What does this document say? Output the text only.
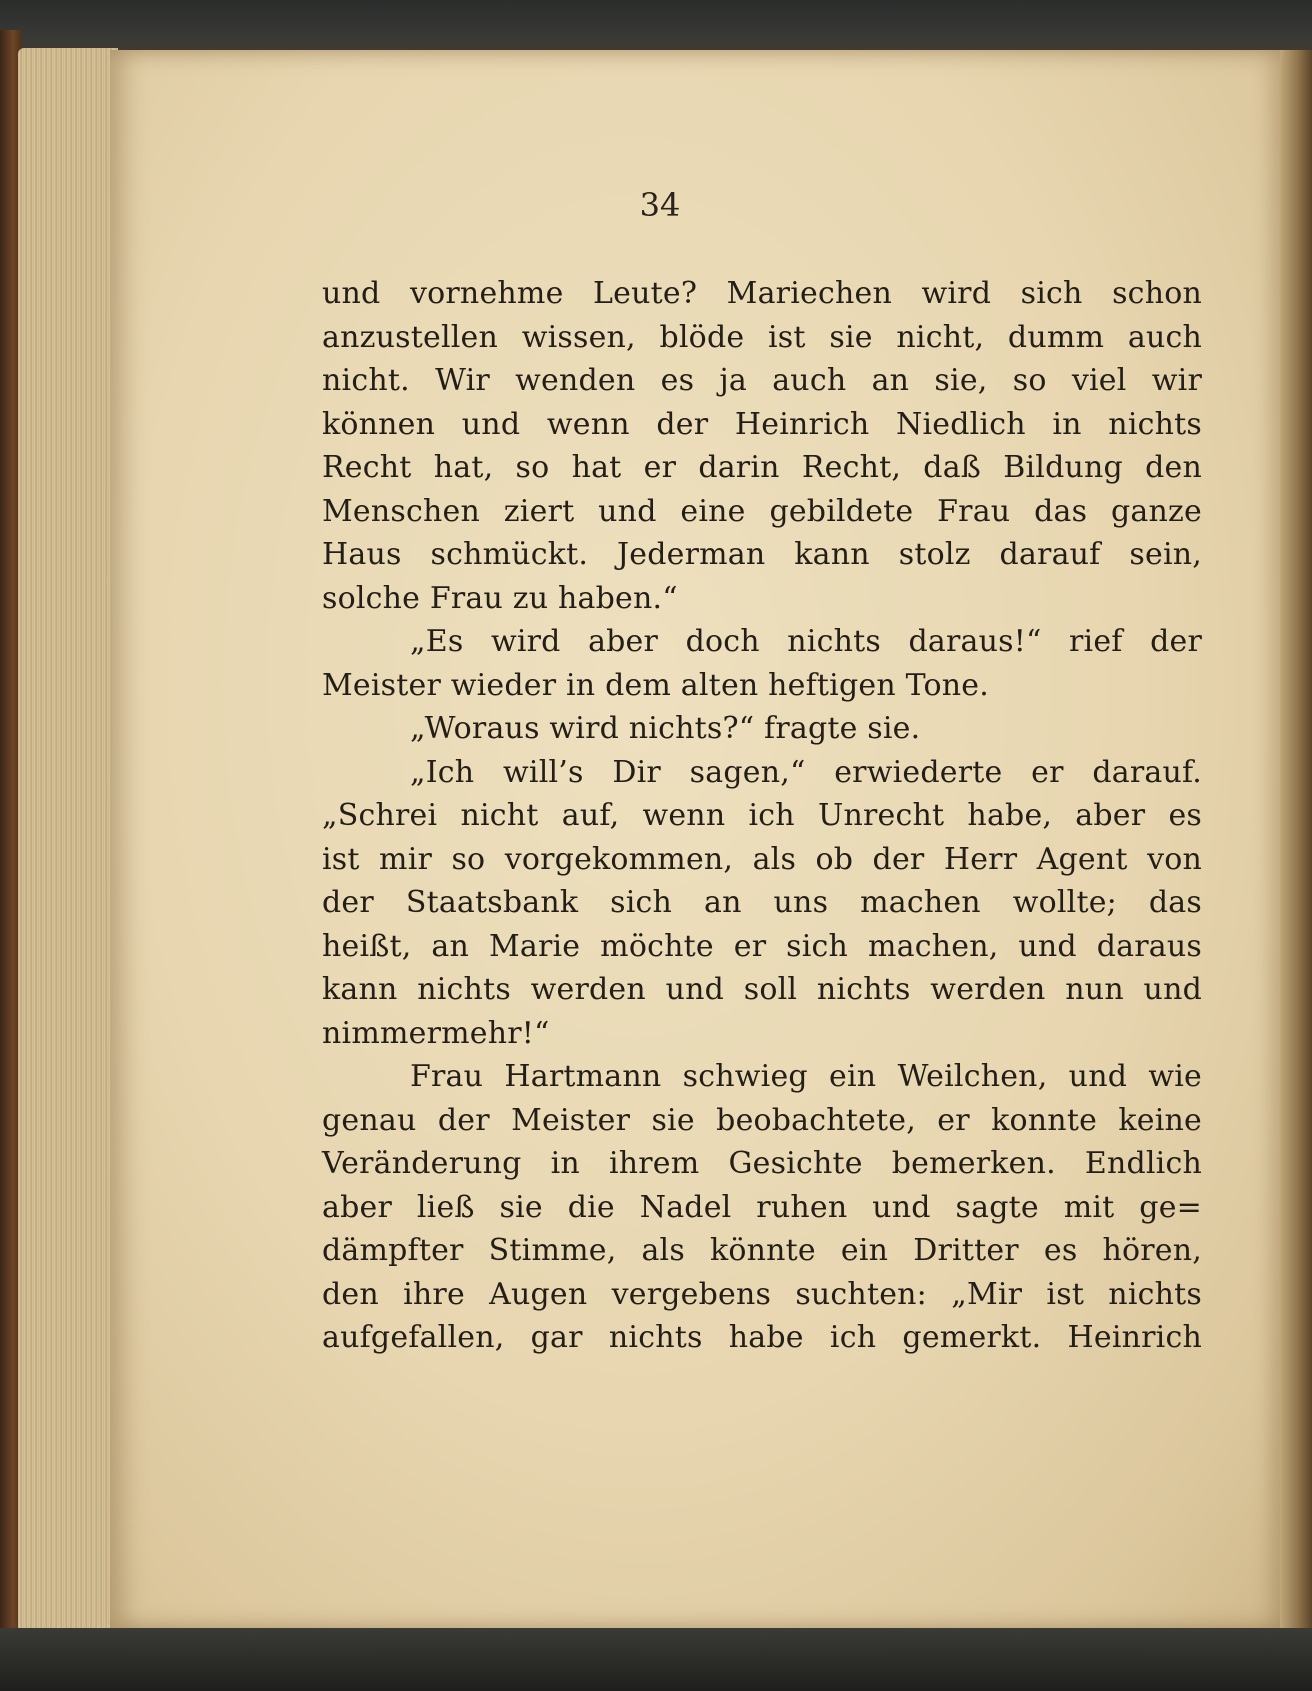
34
und vornehme Leute? Mariechen wird sich schon
anzustellen wissen, blöde ist sie nicht, dumm auch
nicht. Wir wenden es ja auch an sie, so viel wir
können und wenn der Heinrich Niedlich in nichts
Recht hat, so hat er darin Recht, daß Bildung den
Menschen ziert und eine gebildete Frau das ganze
Haus schmückt. Jederman kann stolz darauf sein,
solche Frau zu haben.“
„Es wird aber doch nichts daraus!“ rief der
Meister wieder in dem alten heftigen Tone.
„Woraus wird nichts?“ fragte sie.
„Ich will’s Dir sagen,“ erwiederte er darauf.
„Schrei nicht auf, wenn ich Unrecht habe, aber es
ist mir so vorgekommen, als ob der Herr Agent von
der Staatsbank sich an uns machen wollte; das
heißt, an Marie möchte er sich machen, und daraus
kann nichts werden und soll nichts werden nun und
nimmermehr!“
Frau Hartmann schwieg ein Weilchen, und wie
genau der Meister sie beobachtete, er konnte keine
Veränderung in ihrem Gesichte bemerken. Endlich
aber ließ sie die Nadel ruhen und sagte mit ge=
dämpfter Stimme, als könnte ein Dritter es hören,
den ihre Augen vergebens suchten: „Mir ist nichts
aufgefallen, gar nichts habe ich gemerkt. Heinrich
